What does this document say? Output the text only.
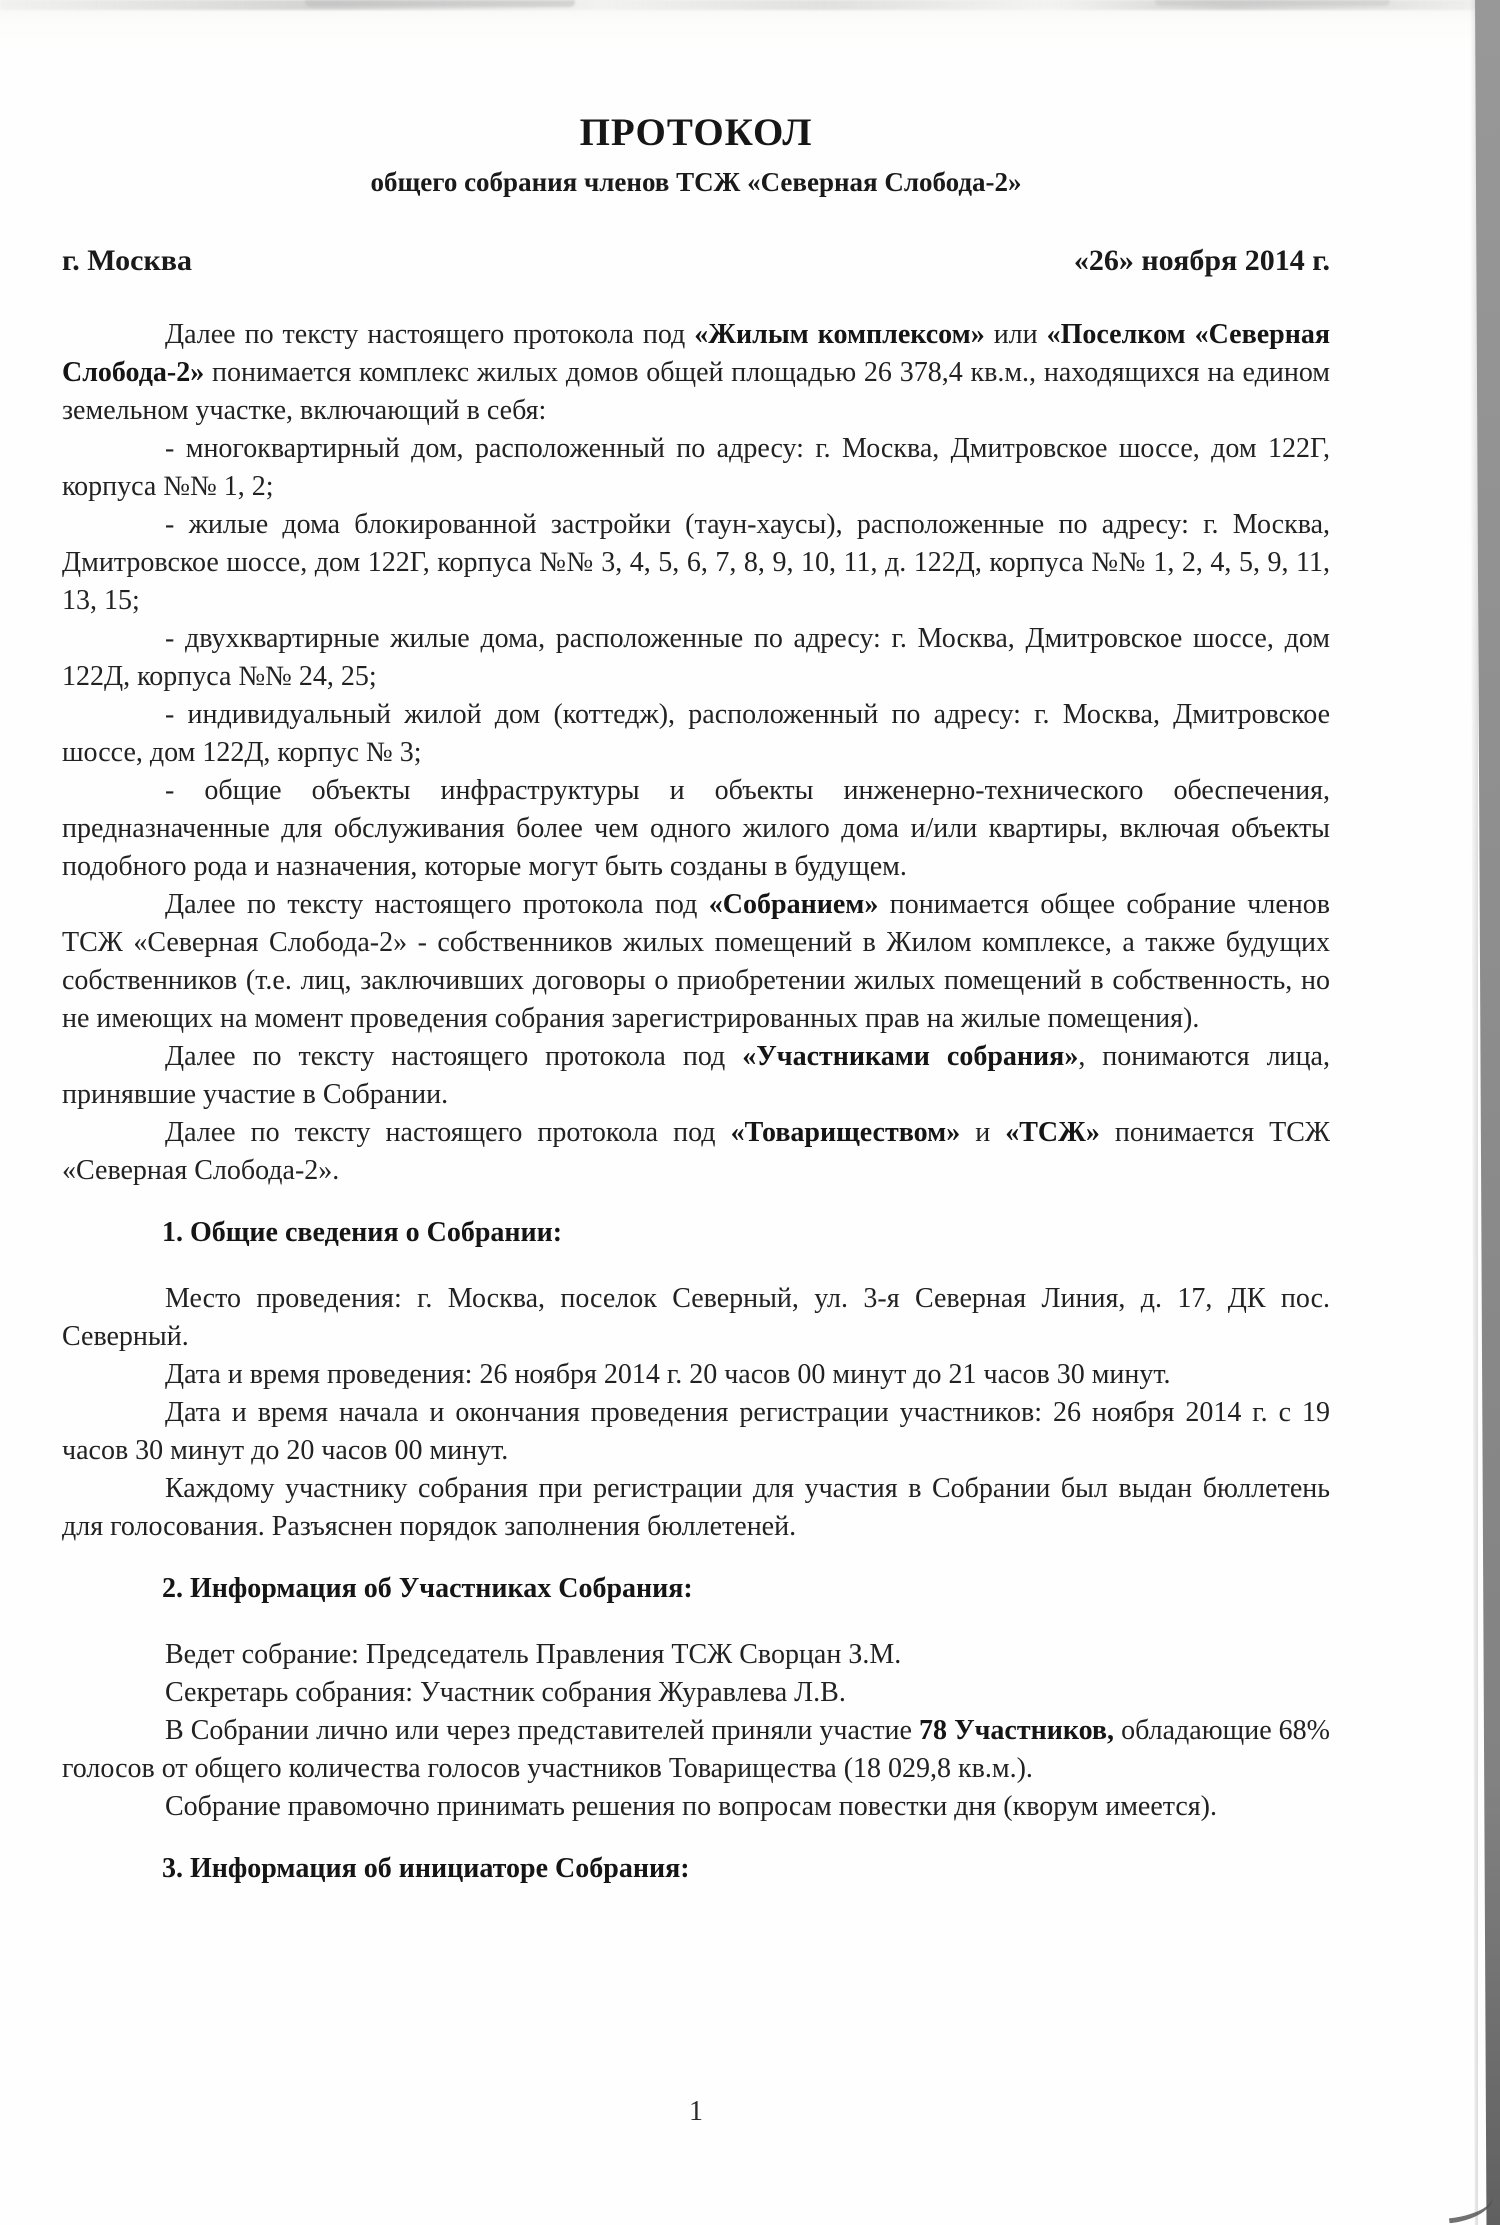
ПРОТОКОЛ
общего собрания членов ТСЖ «Северная Слобода-2»
г. Москва	«26» ноября 2014 г.

Далее по тексту настоящего протокола под «Жилым комплексом» или «Поселком «Северная Слобода-2» понимается комплекс жилых домов общей площадью 26 378,4 кв.м., находящихся на едином земельном участке, включающий в себя:

- многоквартирный дом, расположенный по адресу: г. Москва, Дмитровское шоссе, дом 122Г, корпуса №№ 1, 2;

- жилые дома блокированной застройки (таун-хаусы), расположенные по адресу: г. Москва, Дмитровское шоссе, дом 122Г, корпуса №№ 3, 4, 5, 6, 7, 8, 9, 10, 11, д. 122Д, корпуса №№ 1, 2, 4, 5, 9, 11, 13, 15;

- двухквартирные жилые дома, расположенные по адресу: г. Москва, Дмитровское шоссе, дом 122Д, корпуса №№ 24, 25;

- индивидуальный жилой дом (коттедж), расположенный по адресу: г. Москва, Дмитровское шоссе, дом 122Д, корпус № 3;

- общие объекты инфраструктуры и объекты инженерно-технического обеспечения, предназначенные для обслуживания более чем одного жилого дома и/или квартиры, включая объекты подобного рода и назначения, которые могут быть созданы в будущем.

Далее по тексту настоящего протокола под «Собранием» понимается общее собрание членов ТСЖ «Северная Слобода-2» - собственников жилых помещений в Жилом комплексе, а также будущих собственников (т.е. лиц, заключивших договоры о приобретении жилых помещений в собственность, но не имеющих на момент проведения собрания зарегистрированных прав на жилые помещения).

Далее по тексту настоящего протокола под «Участниками собрания», понимаются лица, принявшие участие в Собрании.

Далее по тексту настоящего протокола под «Товариществом» и «ТСЖ» понимается ТСЖ «Северная Слобода-2».

1. Общие сведения о Собрании:

Место проведения: г. Москва, поселок Северный, ул. 3-я Северная Линия, д. 17, ДК пос. Северный.

Дата и время проведения: 26 ноября 2014 г. 20 часов 00 минут до 21 часов 30 минут.

Дата и время начала и окончания проведения регистрации участников: 26 ноября 2014 г. с 19 часов 30 минут до 20 часов 00 минут.

Каждому участнику собрания при регистрации для участия в Собрании был выдан бюллетень для голосования. Разъяснен порядок заполнения бюллетеней.

2. Информация об Участниках Собрания:

Ведет собрание: Председатель Правления ТСЖ Сворцан З.М.

Секретарь собрания: Участник собрания Журавлева Л.В.

В Собрании лично или через представителей приняли участие 78 Участников, обладающие 68% голосов от общего количества голосов участников Товарищества (18 029,8 кв.м.).

Собрание правомочно принимать решения по вопросам повестки дня (кворум имеется).

3. Информация об инициаторе Собрания:

1
